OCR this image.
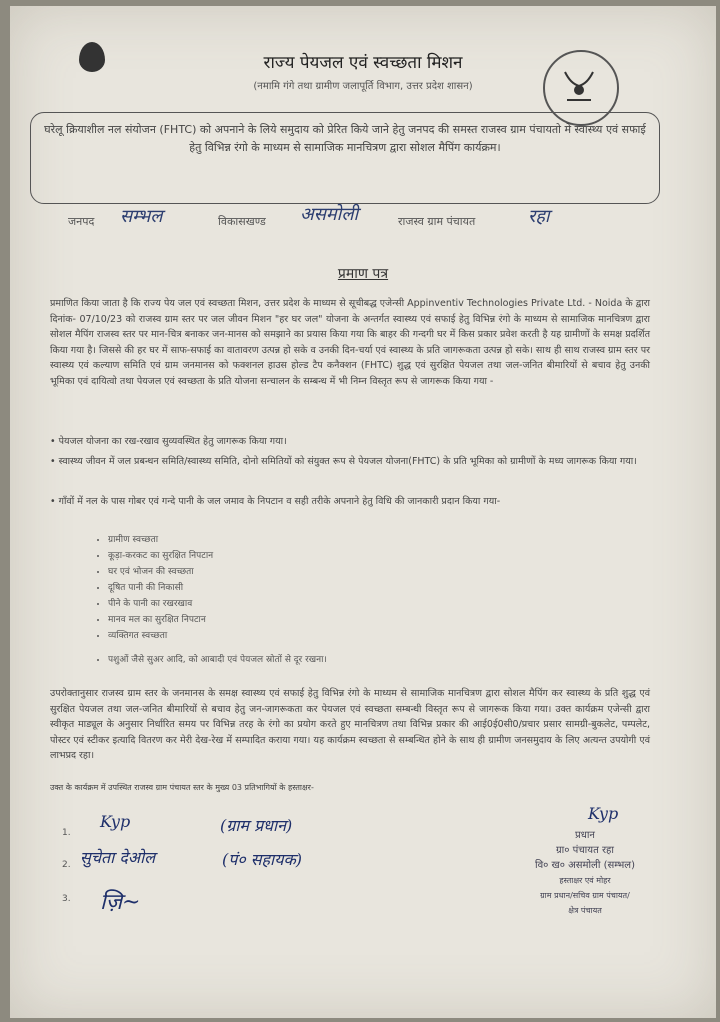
राज्य पेयजल एवं स्वच्छता मिशन
(नमामि गंगे तथा ग्रामीण जलापूर्ति विभाग, उत्तर प्रदेश शासन)
घरेलू क्रियाशील नल संयोजन (FHTC) को अपनाने के लिये समुदाय को प्रेरित किये जाने हेतु जनपद की समस्त राजस्व ग्राम पंचायतो में स्वास्थ्य एवं सफाई हेतु विभिन्न रंगो के माध्यम से सामाजिक मानचित्रण द्वारा सोशल मैपिंग कार्यक्रम।
जनपद सम्भल	विकासखण्ड असमोली	राजस्व ग्राम पंचायत	रहा
प्रमाण पत्र
प्रमाणित किया जाता है कि राज्य पेय जल एवं स्वच्छता मिशन, उत्तर प्रदेश के माध्यम से सूचीबद्ध एजेन्सी Appinventiv Technologies Private Ltd. - Noida के द्वारा दिनांक- 07/10/23 को राजस्व ग्राम स्तर पर जल जीवन मिशन "हर घर जल" योजना के अन्तर्गत स्वास्थ्य एवं सफाई हेतु विभिन्न रंगो के माध्यम से सामाजिक मानचित्रण द्वारा सोशल मैपिंग राजस्व स्तर पर मान-चित्र बनाकर जन-मानस को समझाने का प्रयास किया गया कि बाहर की गन्दगी घर में किस प्रकार प्रवेश करती है यह ग्रामीणों के समक्ष प्रदर्शित किया गया है। जिससे की हर घर में साफ-सफाई का वातावरण उत्पन्न हो सके व उनकी दिन-चर्या एवं स्वास्थ्य के प्रति जागरूकता उत्पन्न हो सके। साथ ही साथ राजस्व ग्राम स्तर पर स्वास्थ्य एवं कल्याण समिति एवं ग्राम जनमानस को फक्शनल हाउस होल्ड टैप कनैक्शन (FHTC) शुद्ध एवं सुरक्षित पेयजल तथा जल-जनित बीमारियों से बचाव हेतु उनकी भूमिका एवं दायित्वो तथा पेयजल एवं स्वच्छता के प्रति योजना सन्चालन के सम्बन्ध में भी निम्न विस्तृत रूप से जागरूक किया गया -
• पेयजल योजना का रख-रखाव सुव्यवस्थित हेतु जागरूक किया गया।
• स्वास्थ्य जीवन में जल प्रबन्धन समिति/स्वास्थ्य समिति, दोनो समितियों को संयुक्त रूप से पेयजल योजना(FHTC) के प्रति भूमिका को ग्रामीणों के मध्य जागरूक किया गया।
• गाँवों में नल के पास गोबर एवं गन्दे पानी के जल जमाव के निपटान व सही तरीके अपनाने हेतु विधि की जानकारी प्रदान किया गया-
• ग्रामीण स्वच्छता
• कूड़ा-करकट का सुरक्षित निपटान
• घर एवं भोजन की स्वच्छता
• दूषित पानी की निकासी
• पीने के पानी का रखरखाव
• मानव मल का सुरक्षित निपटान
• व्यक्तिगत स्वच्छता
• पशुओं जैसे सुअर आदि, को आबादी एवं पेयजल स्रोतों से दूर रखना।
उपरोक्तानुसार राजस्व ग्राम स्तर के जनमानस के समक्ष स्वास्थ्य एवं सफाई हेतु विभिन्न रंगो के माध्यम से सामाजिक मानचित्रण द्वारा सोशल मैपिंग कर स्वास्थ्य के प्रति शुद्ध एवं सुरक्षित पेयजल तथा जल-जनित बीमारियों से बचाव हेतु जन-जागरूकता कर पेयजल एवं स्वच्छता सम्बन्धी विस्तृत रूप से जागरूक किया गया। उक्त कार्यक्रम एजेन्सी द्वारा स्वीकृत माड्यूल के अनुसार निर्धारित समय पर विभिन्न तरह के रंगो का प्रयोग करते हुए मानचित्रण तथा विभिन्न प्रकार की आई0ई0सी0/प्रचार प्रसार सामग्री-बुकलेट, पम्पलेट, पोस्टर एवं स्टीकर इत्यादि वितरण कर मेरी देख-रेख में सम्पादित कराया गया। यह कार्यक्रम स्वच्छता से सम्बन्धित होने के साथ ही ग्रामीण जनसमुदाय के लिए अत्यन्त उपयोगी एवं लाभप्रद रहा।
उक्त के कार्यक्रम में उपस्थित राजस्व ग्राम पंचायत स्तर के मुख्य 03 प्रतिभागियों के हस्ताक्षर-
1.
Kyp	(ग्राम प्रधान)
2. सुचेता देओल	(पं० सहायक)
3. ज़ि~
प्रधान
ग्रा० पंचायत रहा
वि० ख० असमोली (सम्भल)
हस्ताक्षर एवं मोहर
ग्राम प्रधान/सचिव ग्राम पंचायत/
क्षेत्र पंचायत
Kyp
